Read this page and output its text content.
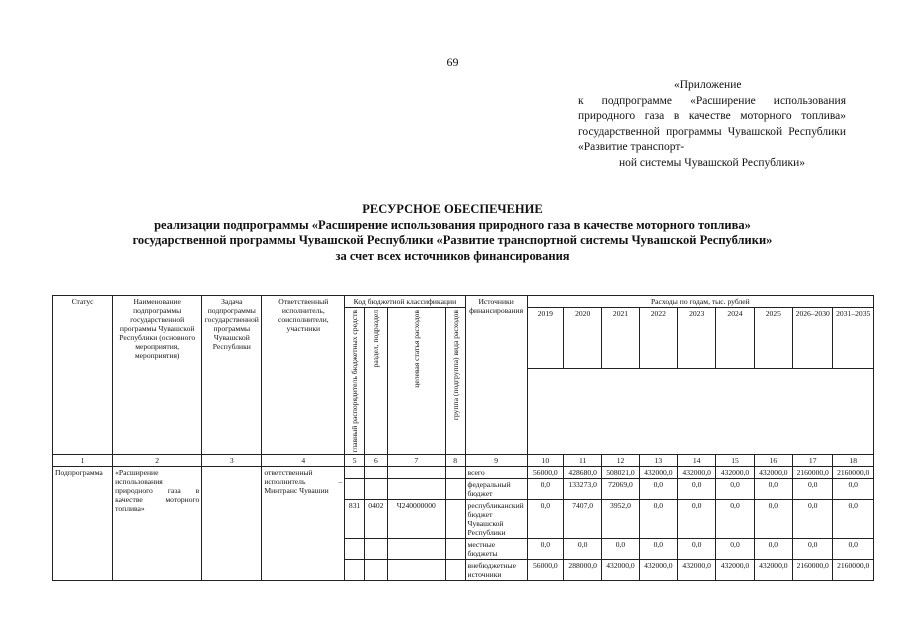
69
«Приложение
к подпрограмме «Расширение использования природного газа в качестве моторного топлива» государственной программы Чувашской Республики «Развитие транспорт-
ной системы Чувашской Республики»
РЕСУРСНОЕ ОБЕСПЕЧЕНИЕ
реализации подпрограммы «Расширение использования природного газа в качестве моторного топлива»
государственной программы Чувашской Республики «Развитие транспортной системы Чувашской Республики»
за счет всех источников финансирования
Статус	Наименование подпрограммы государственной программы Чувашской Республики (основного мероприятия, мероприятия)	Задача подпрограммы государственной программы Чувашской Республики	Ответственный исполнитель, соисполнители, участники	Код бюджетной классификации				Источники финансирования	Расходы по годам, тыс. рублей								

				главный распорядитель бюджетных средств	раздел, подраздел	целевая статья расходов	группа (подгруппа) вида расходов		2019	2020	2021	2022	2023	2024	2025	2026–2030	2031–2035

1	2	3	4	5	6	7	8	9	10	11	12	13	14	15	16	17	18
Подпрограмма	«Расширение использования природного газа в качестве моторного топлива»		ответственный исполнитель – Минтранс Чувашии					всего	56000,0	428680,0	508021,0	432000,0	432000,0	432000,0	432000,0	2160000,0	2160000,0
								федеральный бюджет	0,0	133273,0	72069,0	0,0	0,0	0,0	0,0	0,0	0,0
				831	0402	Ч240000000		республиканский бюджет Чувашской Республики	0,0	7407,0	3952,0	0,0	0,0	0,0	0,0	0,0	0,0
								местные бюджеты	0,0	0,0	0,0	0,0	0,0	0,0	0,0	0,0	0,0
								внебюджетные источники	56000,0	288000,0	432000,0	432000,0	432000,0	432000,0	432000,0	2160000,0	2160000,0
